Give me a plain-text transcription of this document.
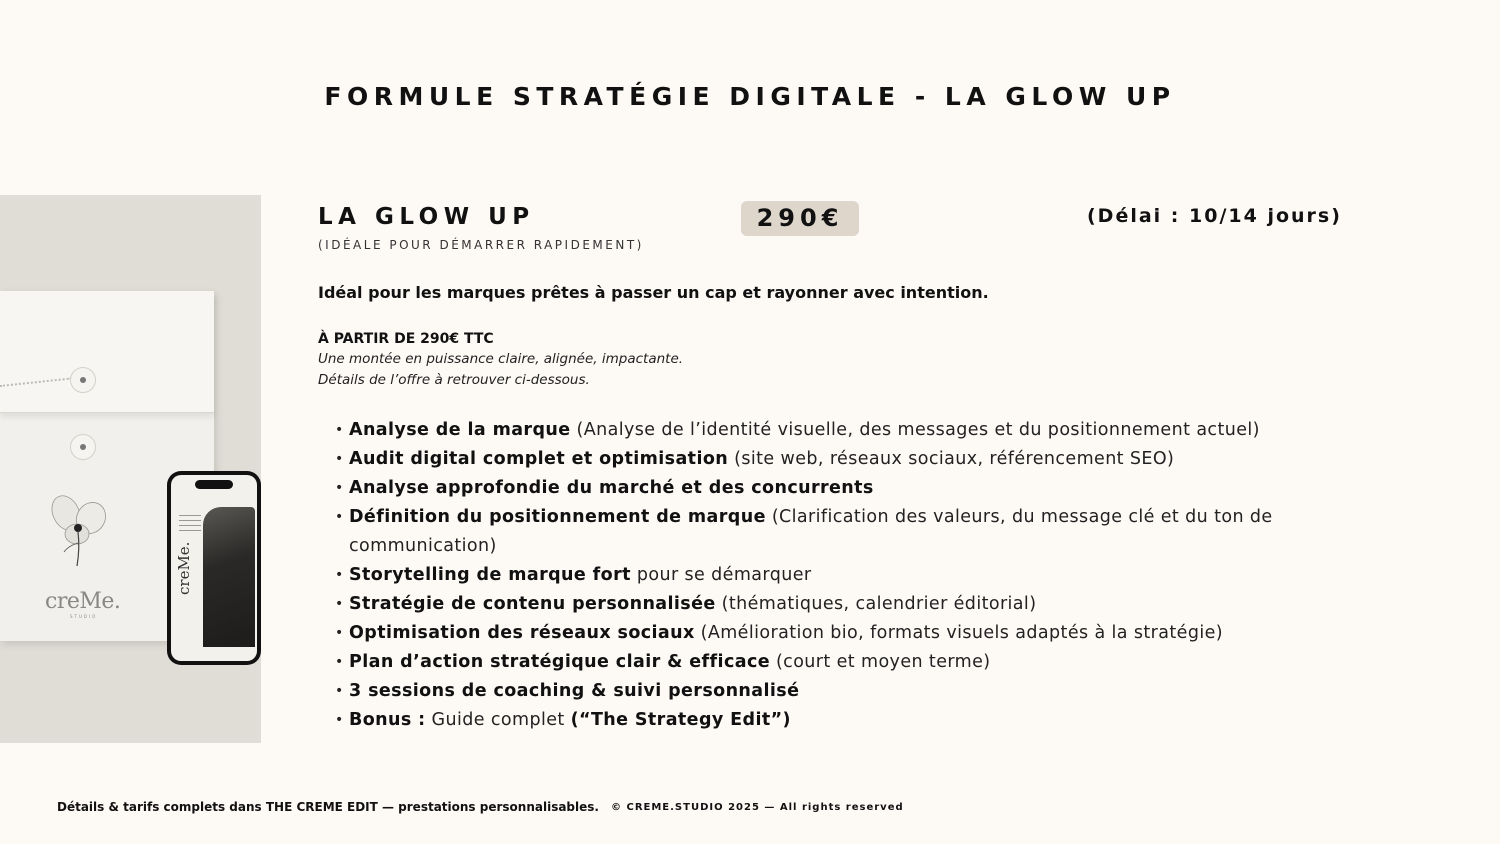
FORMULE STRATÉGIE DIGITALE - LA GLOW UP
creMe.
STUDIO
creMe.
LA GLOW UP
(IDÉALE POUR DÉMARRER RAPIDEMENT)
290€	(Délai : 10/14 jours)
Idéal pour les marques prêtes à passer un cap et rayonner avec intention.
À PARTIR DE 290€ TTC
Une montée en puissance claire, alignée, impactante.
Détails de l’offre à retrouver ci-dessous.
• Analyse de la marque (Analyse de l’identité visuelle, des messages et du positionnement actuel)
• Audit digital complet et optimisation (site web, réseaux sociaux, référencement SEO)
• Analyse approfondie du marché et des concurrents
• Définition du positionnement de marque (Clarification des valeurs, du message clé et du ton de communication)
• Storytelling de marque fort pour se démarquer
• Stratégie de contenu personnalisée (thématiques, calendrier éditorial)
• Optimisation des réseaux sociaux (Amélioration bio, formats visuels adaptés à la stratégie)
• Plan d’action stratégique clair & efficace (court et moyen terme)
• 3 sessions de coaching & suivi personnalisé
• Bonus : Guide complet (“The Strategy Edit”)
Détails & tarifs complets dans THE CREME EDIT — prestations personnalisables. © CREME.STUDIO 2025 — All rights reserved
